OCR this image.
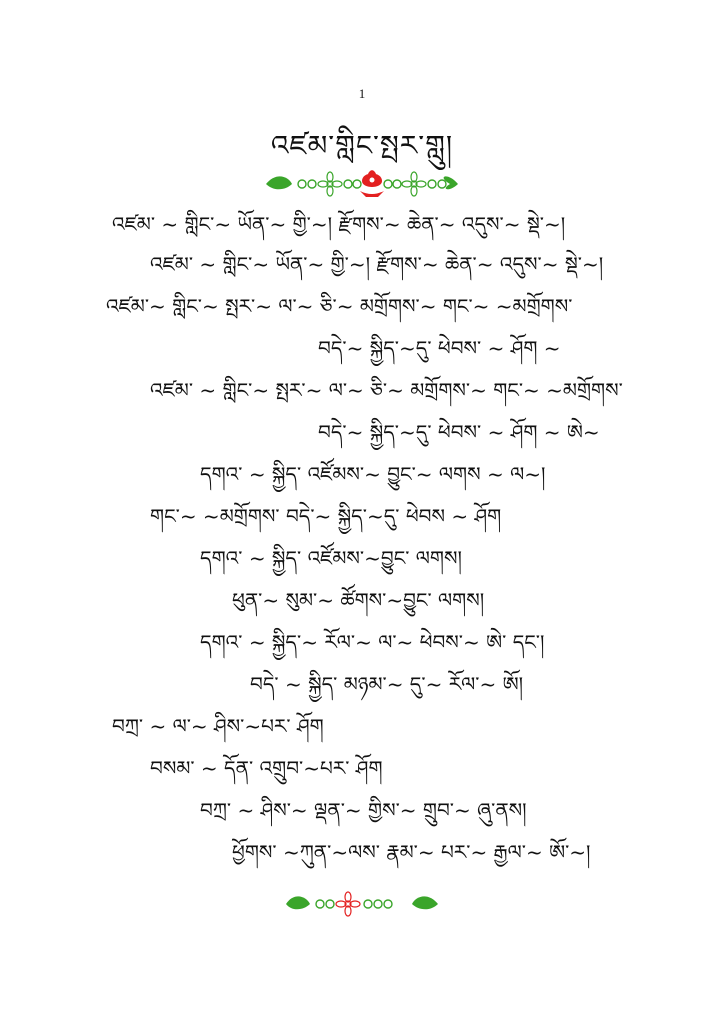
1
འཛམ་གླིང་སྤར་གླུ།
འཛམ་ ~ གླིང་~ ཡོན་~ གྱི་~། རྫོགས་~ ཆེན་~ འདུས་~ སྡེ་~།
འཛམ་ ~ གླིང་~ ཡོན་~ གྱི་~། རྫོགས་~ ཆེན་~ འདུས་~ སྡེ་~།
འཛམ་~ གླིང་~ སྤར་~ ལ་~ ཅི་~ མགྲོགས་~ གང་~ ~མགྲོགས་
བདེ་~ སྐྱིད་~དུ་ ཕེབས་ ~ ཤོག ~
འཛམ་ ~ གླིང་~ སྤར་~ ལ་~ ཅི་~ མགྲོགས་~ གང་~ ~མགྲོགས་
བདེ་~ སྐྱིད་~དུ་ ཕེབས་ ~ ཤོག ~ ཨེ~
དགའ་ ~ སྐྱིད་ འཛོམས་~ བྱུང་~ ལགས ~ ལ~།
གང་~ ~མགྲོགས་ བདེ་~ སྐྱིད་~དུ་ ཕེབས ~ ཤོག
དགའ་ ~ སྐྱིད་ འཛོམས་~བྱུང་ ལགས།
ཕུན་~ སུམ་~ ཚོགས་~བྱུང་ ལགས།
དགའ་ ~ སྐྱིད་~ རོལ་~ ལ་~ ཕེབས་~ ཨེ་ དང་།
བདེ་ ~ སྐྱིད་ མཉམ་~ དུ་~ རོལ་~ ཨོ།
བཀྲ་ ~ ལ་~ ཤིས་~པར་ ཤོག
བསམ་ ~ དོན་ འགྲུབ་~པར་ ཤོག
བཀྲ་ ~ ཤིས་~ ལྡན་~ གྱིས་~ གྲུབ་~ ཞུ་ནས།
ཕྱོགས་ ~ཀུན་~ལས་ རྣམ་~ པར་~ རྒྱལ་~ ཨོ་~།
